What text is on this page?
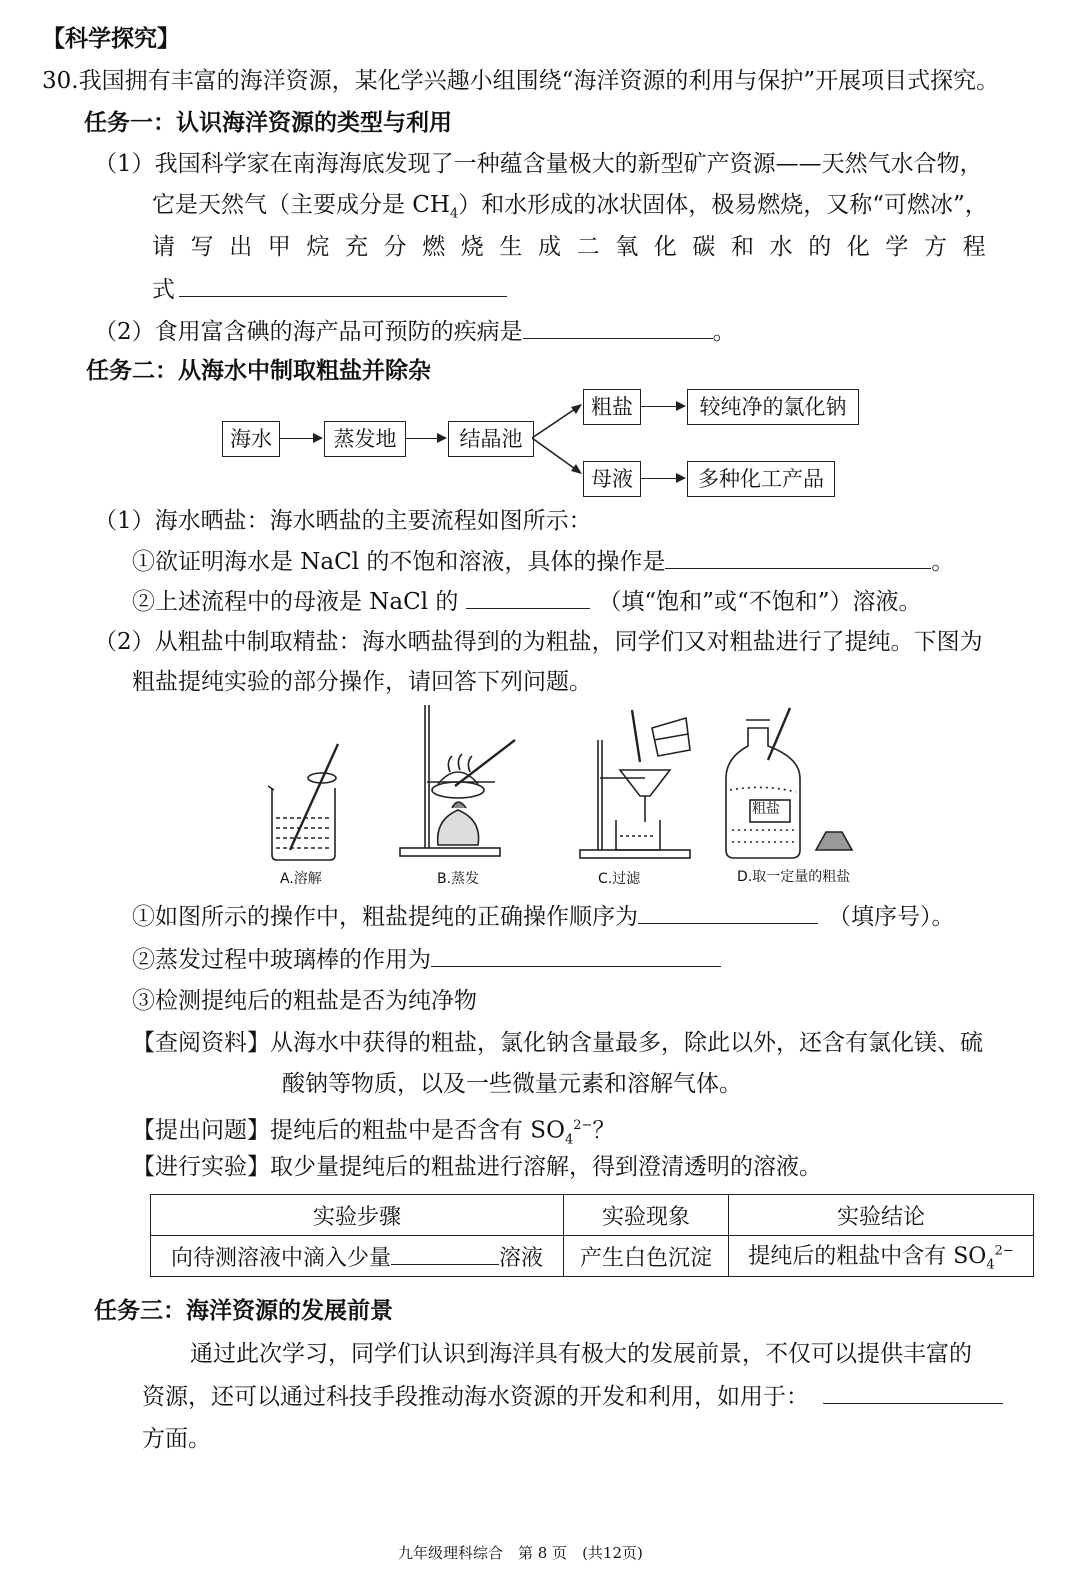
【科学探究】
30.我国拥有丰富的海洋资源，某化学兴趣小组围绕“海洋资源的利用与保护”开展项目式探究。
任务一：认识海洋资源的类型与利用
（1）我国科学家在南海海底发现了一种蕴含量极大的新型矿产资源——天然气水合物，
它是天然气（主要成分是 $CH_4$）和水形成的冰状固体，极易燃烧，又称“可燃冰”，
请写出甲烷充分燃烧生成二氧化碳和水的化学方程
式
（2）食用富含碘的海产品可预防的疾病是	。
任务二：从海水中制取粗盐并除杂
海水	蒸发地	结晶池
粗盐	较纯净的氯化钠
母液	多种化工产品
（1）海水晒盐：海水晒盐的主要流程如图所示：
①欲证明海水是 NaCl 的不饱和溶液，具体的操作是	。
②上述流程中的母液是 NaCl 的	（填“饱和”或“不饱和”）溶液。
（2）从粗盐中制取精盐：海水晒盐得到的为粗盐，同学们又对粗盐进行了提纯。下图为
粗盐提纯实验的部分操作，请回答下列问题。
粗盐
A.溶解	B.蒸发	C.过滤	D.取一定量的粗盐
①如图所示的操作中，粗盐提纯的正确操作顺序为	（填序号）。
②蒸发过程中玻璃棒的作用为
③检测提纯后的粗盐是否为纯净物
【查阅资料】从海水中获得的粗盐，氯化钠含量最多，除此以外，还含有氯化镁、硫
酸钠等物质，以及一些微量元素和溶解气体。
【提出问题】提纯后的粗盐中是否含有 $SO_4^{2-}$？
【进行实验】取少量提纯后的粗盐进行溶解，得到澄清透明的溶液。
实验步骤	实验现象	实验结论
向待测溶液中滴入少量 溶液	产生白色沉淀	提纯后的粗盐中含有 $SO_4^{2-}$
任务三：海洋资源的发展前景
通过此次学习，同学们认识到海洋具有极大的发展前景，不仅可以提供丰富的
资源，还可以通过科技手段推动海水资源的开发和利用，如用于：
方面。
九年级理科综合　第 8 页　(共12页)
